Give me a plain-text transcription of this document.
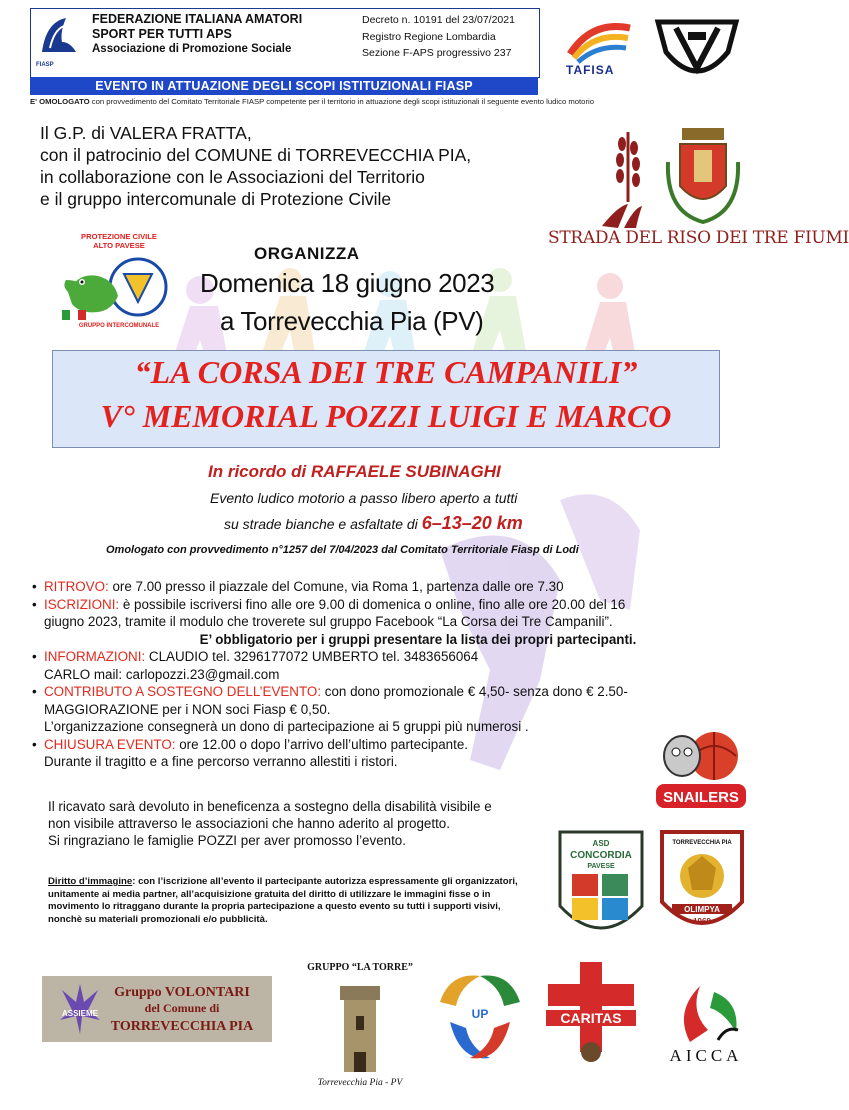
FIASP
FEDERAZIONE ITALIANA AMATORI
SPORT PER TUTTI APS
Associazione di Promozione Sociale
Decreto n. 10191 del 23/07/2021
Registro Regione Lombardia
Sezione F-APS progressivo 237
EVENTO IN ATTUAZIONE DEGLI SCOPI ISTITUZIONALI FIASP
E' OMOLOGATO con provvedimento del Comitato Territoriale FIASP competente per il territorio in attuazione degli scopi istituzionali il seguente evento ludico motorio
TAFISA

Il G.P. di VALERA FRATTA,

con il patrocinio del COMUNE di TORREVECCHIA PIA,

in collaborazione con le Associazioni del Territorio

e il gruppo intercomunale di Protezione Civile

STRADA DEL RISO DEI TRE FIUMI
PROTEZIONE CIVILE
ALTO PAVESE
GRUPPO INTERCOMUNALE
ORGANIZZA
Domenica 18 giugno 2023
a Torrevecchia Pia (PV)
“LA CORSA DEI TRE CAMPANILI”
V° MEMORIAL POZZI LUIGI E MARCO
In ricordo di RAFFAELE SUBINAGHI
Evento ludico motorio a passo libero aperto a tutti
su strade bianche e asfaltate di 6–13–20 km
Omologato con provvedimento n°1257 del 7/04/2023 dal Comitato Territoriale Fiasp di Lodi
• RITROVO: ore 7.00 presso il piazzale del Comune, via Roma 1, partenza dalle ore 7.30
• ISCRIZIONI: è possibile iscriversi fino alle ore 9.00 di domenica o online, fino alle ore 20.00 del 16
giugno 2023, tramite il modulo che troverete sul gruppo Facebook “La Corsa dei Tre Campanili”.

E’ obbligatorio per i gruppi presentare la lista dei propri partecipanti.
• INFORMAZIONI: CLAUDIO tel. 3296177072 UMBERTO tel. 3483656064
CARLO mail: carlopozzi.23@gmail.com
• CONTRIBUTO A SOSTEGNO DELL’EVENTO: con dono promozionale € 4,50- senza dono € 2.50-
MAGGIORAZIONE per i NON soci Fiasp € 0,50.
L’organizzazione consegnerà un dono di partecipazione ai 5 gruppi più numerosi .
• CHIUSURA EVENTO: ore 12.00 o dopo l’arrivo dell’ultimo partecipante.
Durante il tragitto e a fine percorso verranno allestiti i ristori.

Il ricavato sarà devoluto in beneficenza a sostegno della disabilità visibile e

non visibile attraverso le associazioni che hanno aderito al progetto.

Si ringraziano le famiglie POZZI per aver promosso l’evento.

Diritto d’immagine: con l’iscrizione all’evento il partecipante autorizza espressamente gli organizzatori, unitamente ai media partner, all’acquisizione gratuita del diritto di utilizzare le immagini fisse o in movimento lo ritraggano durante la propria partecipazione a questo evento su tutti i supporti visivi, nonchè su materiali promozionali e/o pubblicità.
SNAILERS
ASD
CONCORDIA
PAVESE
TORREVECCHIA PIA
OLIMPYA
1969
ASSIEME
Gruppo VOLONTARI
del Comune di
TORREVECCHIA PIA
GRUPPO “LA TORRE”
Torrevecchia Pia - PV
UP	CARITAS
AICCA
